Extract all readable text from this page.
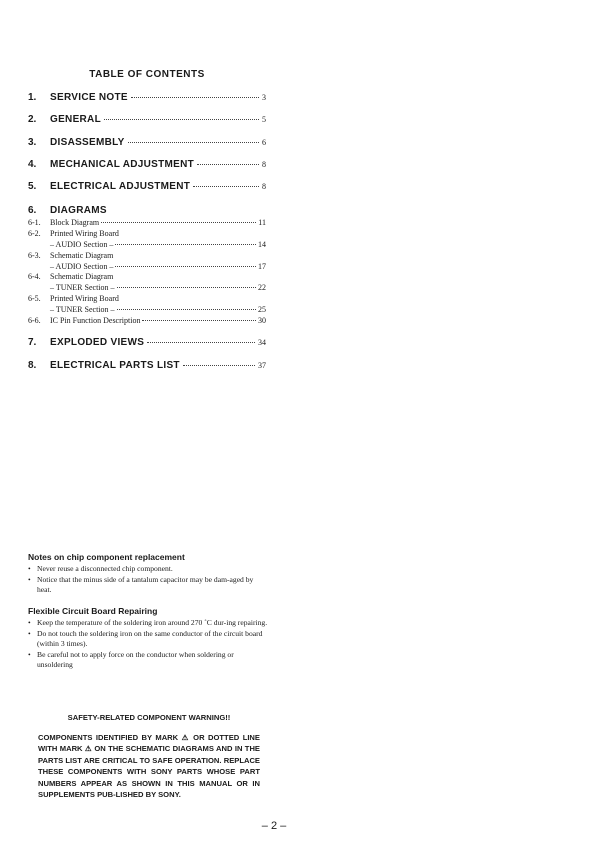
TABLE OF CONTENTS
1.	SERVICE NOTE	3
2.	GENERAL	5
3.	DISASSEMBLY	6
4.	MECHANICAL ADJUSTMENT	8
5.	ELECTRICAL ADJUSTMENT	8
6.	DIAGRAMS
6-1.	Block Diagram	11
6-2.	Printed Wiring Board
– AUDIO Section –	14
6-3.	Schematic Diagram
– AUDIO Section –	17
6-4.	Schematic Diagram
– TUNER Section –	22
6-5.	Printed Wiring Board
– TUNER Section –	25
6-6.	IC Pin Function Description	30
7.	EXPLODED VIEWS	34
8.	ELECTRICAL PARTS LIST	37
Notes on chip component replacement
• Never reuse a disconnected chip component.
• Notice that the minus side of a tantalum capacitor may be dam-aged by heat.
Flexible Circuit Board Repairing
• Keep the temperature of the soldering iron around 270 ˚C dur-ing repairing.
• Do not touch the soldering iron on the same conductor of the circuit board (within 3 times).
• Be careful not to apply force on the conductor when soldering or unsoldering
SAFETY-RELATED COMPONENT WARNING!!

COMPONENTS IDENTIFIED BY MARK ⚠ OR DOTTED LINE WITH MARK ⚠ ON THE SCHEMATIC DIAGRAMS AND IN THE PARTS LIST ARE CRITICAL TO SAFE OPERATION. REPLACE THESE COMPONENTS WITH SONY PARTS WHOSE PART NUMBERS APPEAR AS SHOWN IN THIS MANUAL OR IN SUPPLEMENTS PUB-LISHED BY SONY.

– 2 –
